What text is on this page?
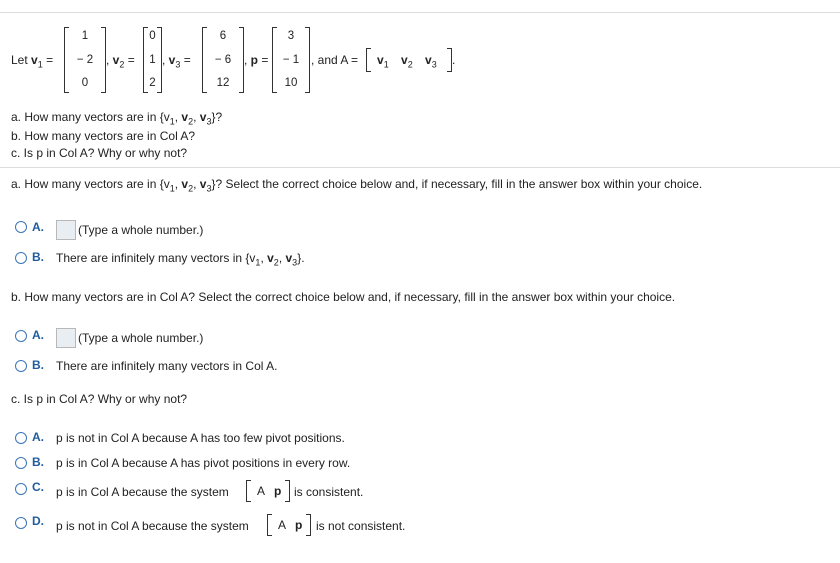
Let $v_1$ =
1
− 2
0
, $v_2$ =
0
1
2
, $v_3$ =
6
− 6
12
, p =
3
− 1
10
, and $A = v_1$ $v_2$ $v_3$ .
a. How many vectors are in {$v_1$, $v_2$, $v_3$}?
b. How many vectors are in Col A?
c. Is p in Col A? Why or why not?
a. How many vectors are in {$v_1$, $v_2$, $v_3$}? Select the correct choice below and, if necessary, fill in the answer box within your choice.
A.	(Type a whole number.)
B. There are infinitely many vectors in {$v_1$, $v_2$, $v_3$}.
b. How many vectors are in Col A? Select the correct choice below and, if necessary, fill in the answer box within your choice.
A.	(Type a whole number.)
B. There are infinitely many vectors in Col A.
c. Is p in Col A? Why or why not?
A. p is not in Col A because A has too few pivot positions.
B. p is in Col A because A has pivot positions in every row.
C. p is in Col A because the system A p is consistent.
D. p is not in Col A because the system A p is not consistent.
